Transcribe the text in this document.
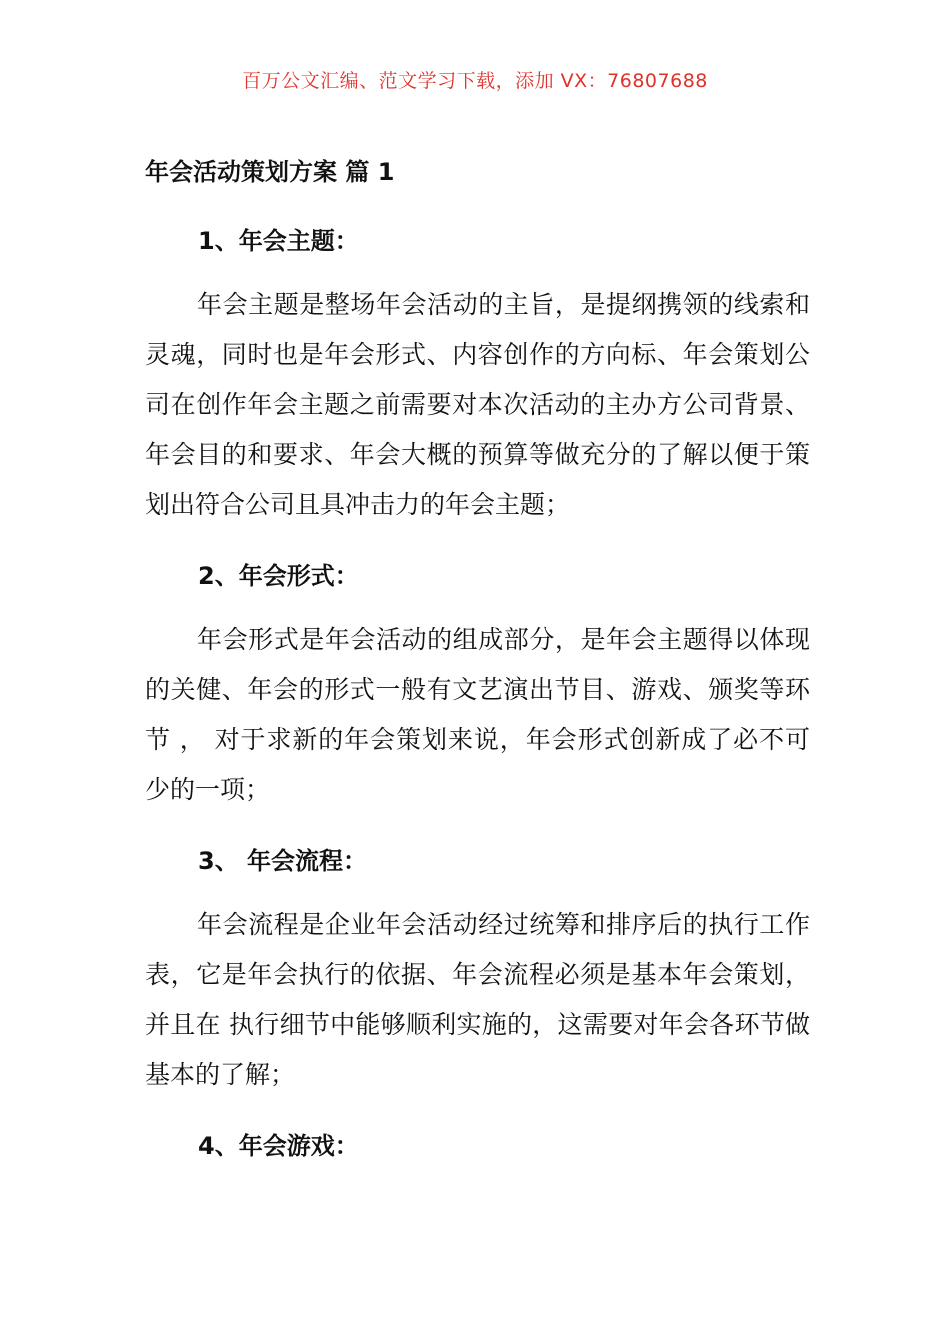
百万公文汇编、范文学习下载，添加 VX：76807688
年会活动策划方案 篇 1
1、年会主题：

年会主题是整场年会活动的主旨，是提纲携领的线索和灵魂，同时也是年会形式、内容创作的方向标、年会策划公司在创作年会主题之前需要对本次活动的主办方公司背景、年会目的和要求、年会大概的预算等做充分的了解以便于策划出符合公司且具冲击力的年会主题；

2、年会形式：

年会形式是年会活动的组成部分，是年会主题得以体现的关健、年会的形式一般有文艺演出节目、游戏、颁奖等环节 ， 对于求新的年会策划来说，年会形式创新成了必不可少的一项；

3、 年会流程：

年会流程是企业年会活动经过统筹和排序后的执行工作表，它是年会执行的依据、年会流程必须是基本年会策划，并且在 执行细节中能够顺利实施的，这需要对年会各环节做基本的了解；

4、年会游戏：
